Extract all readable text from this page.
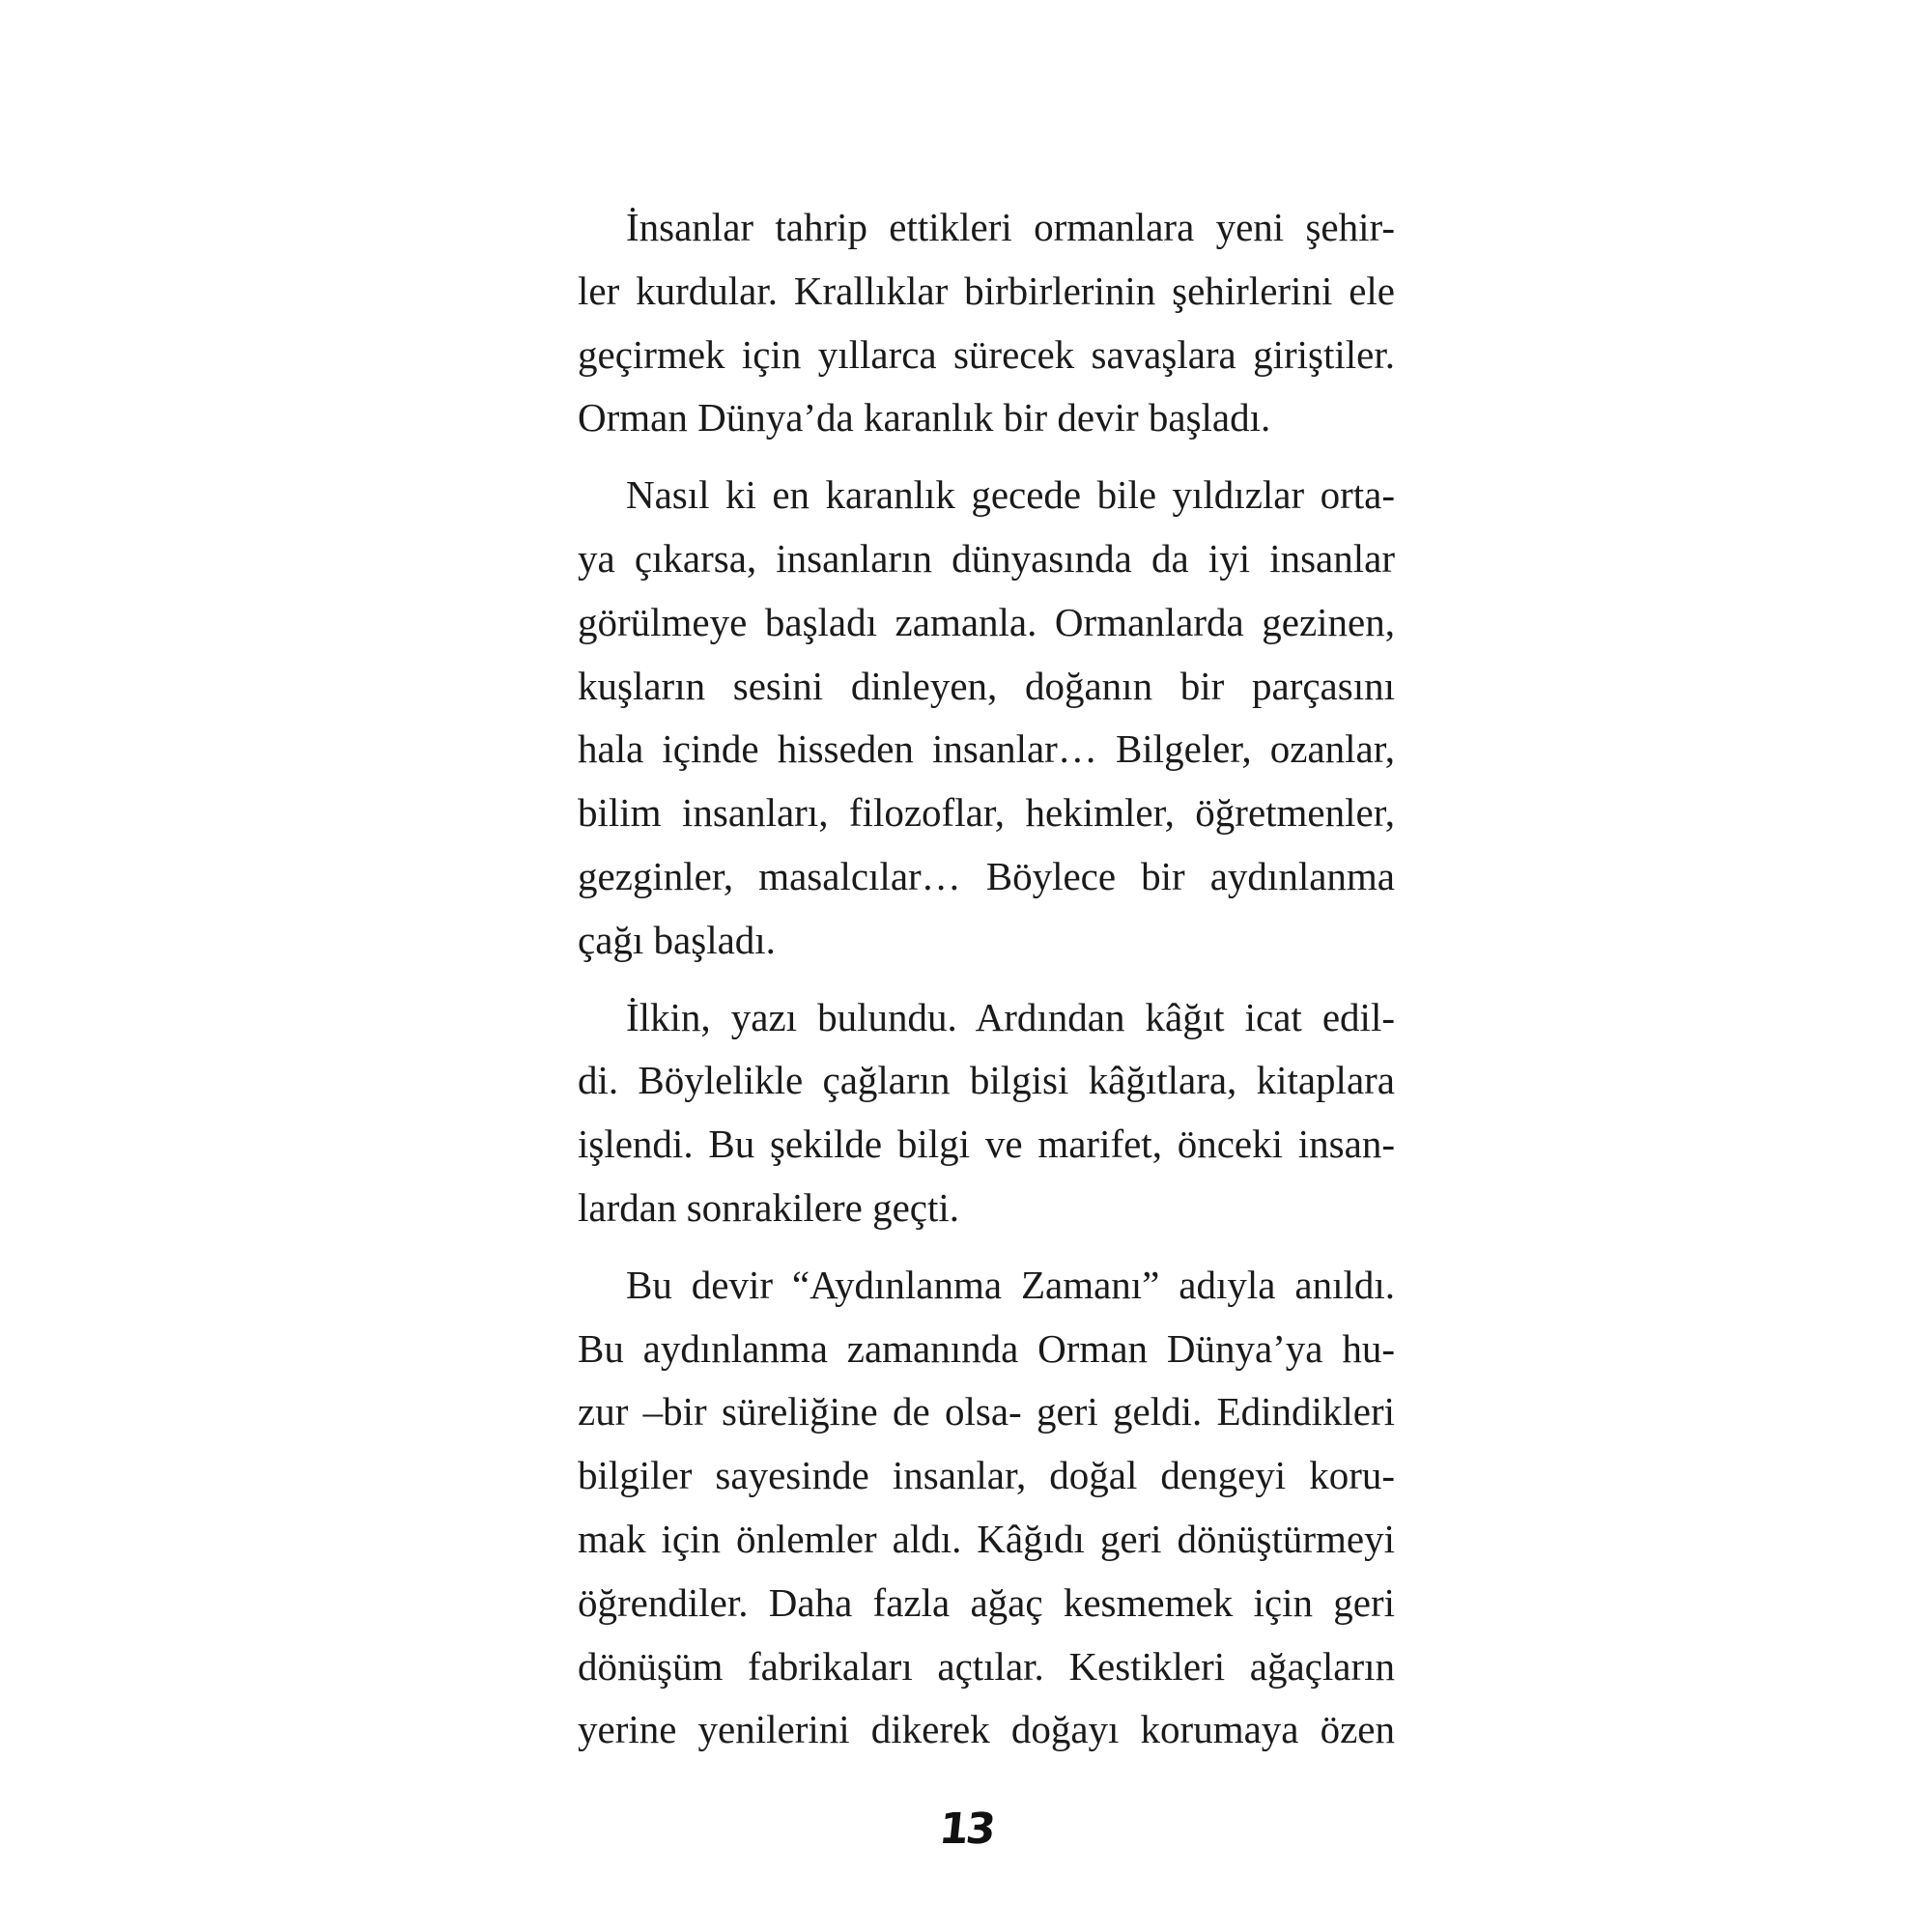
İnsanlar tahrip ettikleri ormanlara yeni şehir-
ler kurdular. Krallıklar birbirlerinin şehirlerini ele
geçirmek için yıllarca sürecek savaşlara giriştiler.
Orman Dünya’da karanlık bir devir başladı.
Nasıl ki en karanlık gecede bile yıldızlar orta-
ya çıkarsa, insanların dünyasında da iyi insanlar
görülmeye başladı zamanla. Ormanlarda gezinen,
kuşların sesini dinleyen, doğanın bir parçasını
hala içinde hisseden insanlar… Bilgeler, ozanlar,
bilim insanları, filozoflar, hekimler, öğretmenler,
gezginler, masalcılar… Böylece bir aydınlanma
çağı başladı.
İlkin, yazı bulundu. Ardından kâğıt icat edil-
di. Böylelikle çağların bilgisi kâğıtlara, kitaplara
işlendi. Bu şekilde bilgi ve marifet, önceki insan-
lardan sonrakilere geçti.
Bu devir “Aydınlanma Zamanı” adıyla anıldı.
Bu aydınlanma zamanında Orman Dünya’ya hu-
zur –bir süreliğine de olsa- geri geldi. Edindikleri
bilgiler sayesinde insanlar, doğal dengeyi koru-
mak için önlemler aldı. Kâğıdı geri dönüştürmeyi
öğrendiler. Daha fazla ağaç kesmemek için geri
dönüşüm fabrikaları açtılar. Kestikleri ağaçların
yerine yenilerini dikerek doğayı korumaya özen
13
